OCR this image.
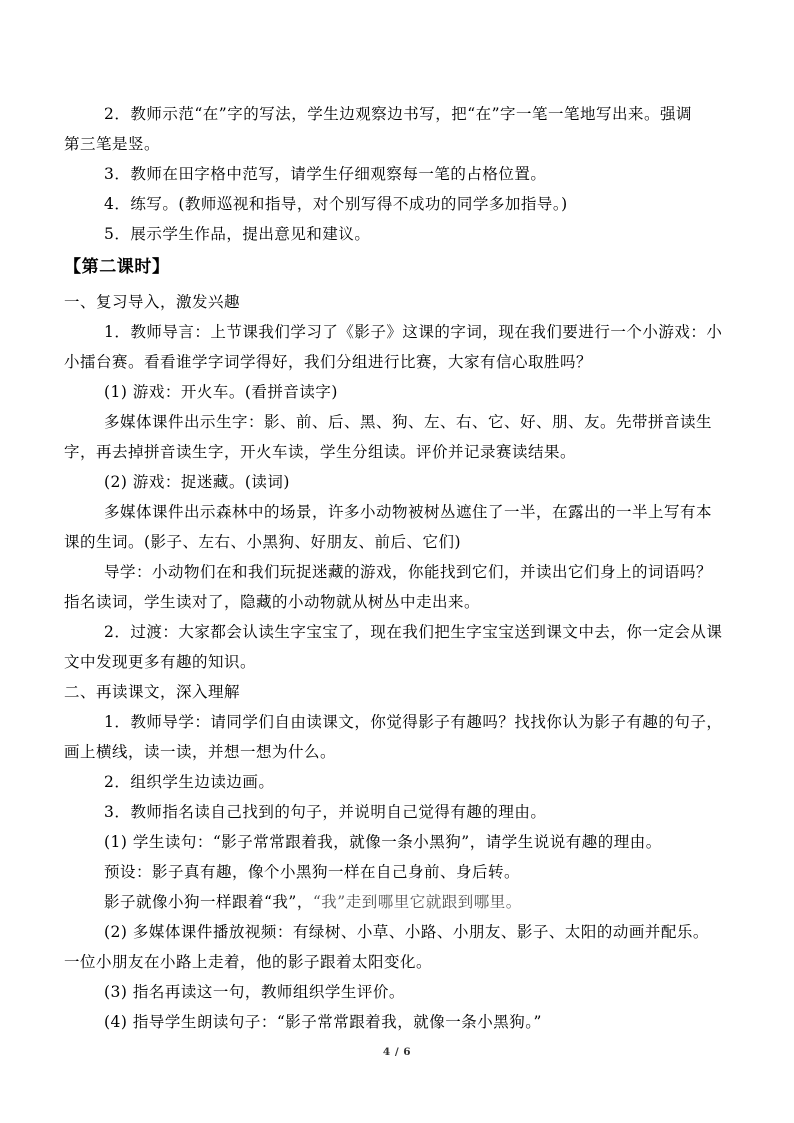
2．教师示范“在”字的写法，学生边观察边书写，把“在”字一笔一笔地写出来。强调
第三笔是竖。
3．教师在田字格中范写，请学生仔细观察每一笔的占格位置。
4．练写。(教师巡视和指导，对个别写得不成功的同学多加指导。)
5．展示学生作品，提出意见和建议。
【第二课时】
一、复习导入，激发兴趣
1．教师导言：上节课我们学习了《影子》这课的字词，现在我们要进行一个小游戏：小
小擂台赛。看看谁学字词学得好，我们分组进行比赛，大家有信心取胜吗？
(1) 游戏：开火车。(看拼音读字)
多媒体课件出示生字：影、前、后、黑、狗、左、右、它、好、朋、友。先带拼音读生
字，再去掉拼音读生字，开火车读，学生分组读。评价并记录赛读结果。
(2) 游戏：捉迷藏。(读词)
多媒体课件出示森林中的场景，许多小动物被树丛遮住了一半，在露出的一半上写有本
课的生词。(影子、左右、小黑狗、好朋友、前后、它们)
导学：小动物们在和我们玩捉迷藏的游戏，你能找到它们，并读出它们身上的词语吗？
指名读词，学生读对了，隐藏的小动物就从树丛中走出来。
2．过渡：大家都会认读生字宝宝了，现在我们把生字宝宝送到课文中去，你一定会从课
文中发现更多有趣的知识。
二、再读课文，深入理解
1．教师导学：请同学们自由读课文，你觉得影子有趣吗？找找你认为影子有趣的句子，
画上横线，读一读，并想一想为什么。
2．组织学生边读边画。
3．教师指名读自己找到的句子，并说明自己觉得有趣的理由。
(1) 学生读句：“影子常常跟着我，就像一条小黑狗”，请学生说说有趣的理由。
预设：影子真有趣，像个小黑狗一样在自己身前、身后转。
影子就像小狗一样跟着“我”，“我”走到哪里它就跟到哪里。
(2) 多媒体课件播放视频：有绿树、小草、小路、小朋友、影子、太阳的动画并配乐。
一位小朋友在小路上走着，他的影子跟着太阳变化。
(3) 指名再读这一句，教师组织学生评价。
(4) 指导学生朗读句子：“影子常常跟着我，就像一条小黑狗。”
4 / 6
